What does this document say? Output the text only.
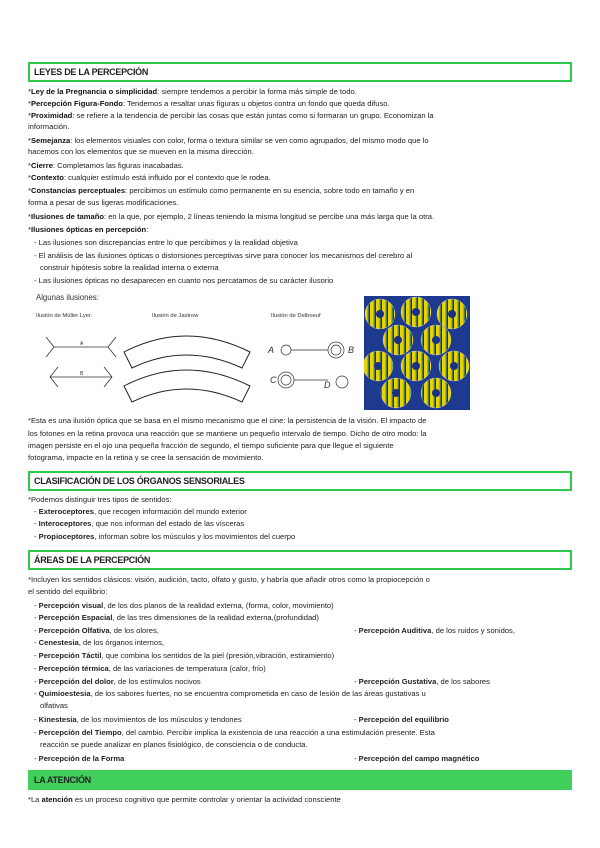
LEYES DE LA PERCEPCIÓN
*Ley de la Pregnancia o simplicidad: siempre tendemos a percibir la forma más simple de todo.
*Percepción Figura-Fondo: Tendemos a resaltar unas figuras u objetos contra un fondo que queda difuso.
*Proximidad: se refiere a la tendencia de percibir las cosas que están juntas como si formaran un grupo. Economizan la
información.
*Semejanza: los elementos visuales con color, forma o textura similar se ven como agrupados, del mismo modo que lo
hacemos con los elementos que se mueven en la misma dirección.
*Cierre: Completamos las figuras inacabadas.
*Contexto: cualquier estímulo está influido por el contexto que le rodea.
*Constancias perceptuales: percibimos un estímulo como permanente en su esencia, sobre todo en tamaño y en
forma a pesar de sus ligeras modificaciones.
*Ilusiones de tamaño: en la que, por ejemplo, 2 líneas teniendo la misma longitud se percibe una más larga que la otra.
*Ilusiones ópticas en percepción:
- Las ilusiones son discrepancias entre lo que percibimos y la realidad objetiva
- El análisis de las ilusiones ópticas o distorsiones perceptivas sirve para conocer los mecanismos del cerebro al
construir hipótesis sobre la realidad interna o externa
- Las ilusiones ópticas no desaparecen en cuanto nos percatamos de su carácter ilusorio
Algunas ilusiones:
Ilusión de Müller Lyer.	Ilusión de Jastrow	Ilusión de Delboeuf
A
B
A	B
C	D
*Esta es una ilusión óptica que se basa en el mismo mecanismo que el cine: la persistencia de la visión. El impacto de
los fotones en la retina provoca una reacción que se mantiene un pequeño intervalo de tiempo. Dicho de otro modo: la
imagen persiste en el ojo una pequeña fracción de segundo, el tiempo suficiente para que llegue el siguiente
fotograma, impacte en la retina y se cree la sensación de movimiento.
CLASIFICACIÓN DE LOS ÓRGANOS SENSORIALES
*Podemos distinguir tres tipos de sentidos:
- Exteroceptores, que recogen información del mundo exterior
- Interoceptores, que nos informan del estado de las vísceras
- Propioceptores, informan sobre los músculos y los movimientos del cuerpo
ÁREAS DE LA PERCEPCIÓN
*Incluyen los sentidos clásicos: visión, audición, tacto, olfato y gusto, y habría que añadir otros como la propiocepción o
el sentido del equilibrio:
- Percepción visual, de los dos planos de la realidad externa, (forma, color, movimiento)
- Percepción Espacial, de las tres dimensiones de la realidad externa,(profundidad)
- Percepción Olfativa, de los olores,	- Percepción Auditiva, de los ruidos y sonidos,
- Cenestesia, de los órganos internos,
- Percepción Táctil, que combina los sentidos de la piel (presión,vibración, estiramiento)
- Percepción térmica, de las variaciones de temperatura (calor, frío)
- Percepción del dolor, de los estímulos nocivos	- Percepción Gustativa, de los sabores
- Quimioestesia, de los sabores fuertes, no se encuentra comprometida en caso de lesión de las áreas gustativas u
olfativas
- Kinestesia, de los movimientos de los músculos y tendones	- Percepción del equilibrio
- Percepción del Tiempo, del cambio. Percibir implica la existencia de una reacción a una estimulación presente. Esta
reacción se puede analizar en planos fisiológico, de consciencia o de conducta.
- Percepción de la Forma	- Percepción del campo magnético
LA ATENCIÓN
*La atención es un proceso cognitivo que permite controlar y orientar la actividad consciente
